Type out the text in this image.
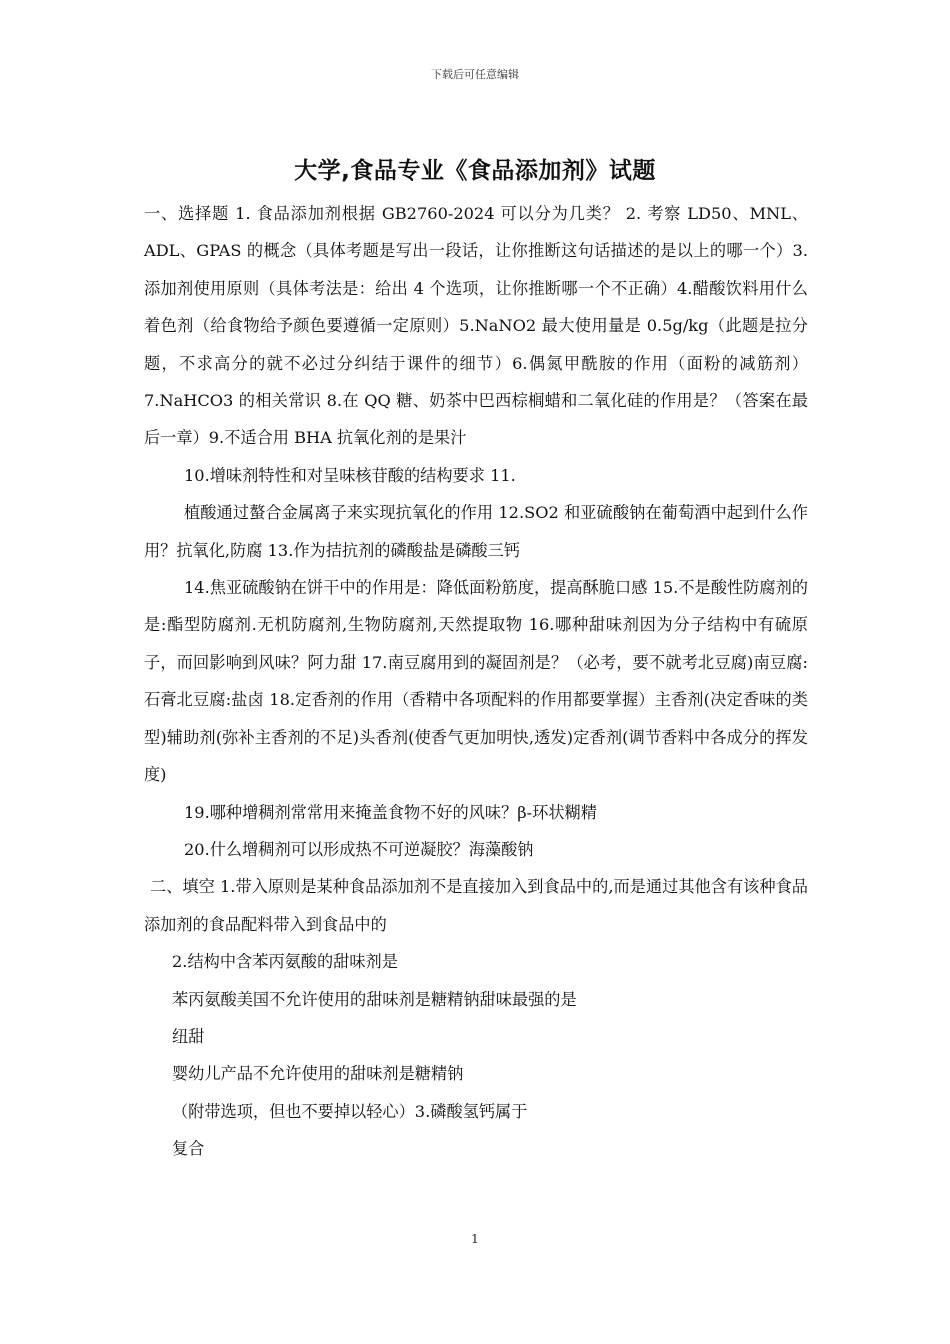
下载后可任意编辑
大学,食品专业《食品添加剂》试题

一、选择题 1. 食品添加剂根据 GB2760-2024 可以分为几类？ 2. 考察 LD50、MNL、ADL、GPAS 的概念（具体考题是写出一段话，让你推断这句话描述的是以上的哪一个）3.添加剂使用原则（具体考法是：给出 4 个选项，让你推断哪一个不正确）4.醋酸饮料用什么着色剂（给食物给予颜色要遵循一定原则）5.NaNO2 最大使用量是 0.5g/kg（此题是拉分题，不求高分的就不必过分纠结于课件的细节）6.偶氮甲酰胺的作用（面粉的减筋剂）7.NaHCO3 的相关常识 8.在 QQ 糖、奶茶中巴西棕榈蜡和二氧化硅的作用是？（答案在最后一章）9.不适合用 BHA 抗氧化剂的是果汁

10.增味剂特性和对呈味核苷酸的结构要求 11.

植酸通过螯合金属离子来实现抗氧化的作用 12.SO2 和亚硫酸钠在葡萄酒中起到什么作用？抗氧化,防腐 13.作为拮抗剂的磷酸盐是磷酸三钙

14.焦亚硫酸钠在饼干中的作用是：降低面粉筋度，提高酥脆口感 15.不是酸性防腐剂的是:酯型防腐剂.无机防腐剂,生物防腐剂,天然提取物 16.哪种甜味剂因为分子结构中有硫原子，而回影响到风味？阿力甜 17.南豆腐用到的凝固剂是？（必考，要不就考北豆腐)南豆腐:石膏北豆腐:盐卤 18.定香剂的作用（香精中各项配料的作用都要掌握）主香剂(决定香味的类型)辅助剂(弥补主香剂的不足)头香剂(使香气更加明快,透发)定香剂(调节香料中各成分的挥发度)

19.哪种增稠剂常常用来掩盖食物不好的风味？β-环状糊精

20.什么增稠剂可以形成热不可逆凝胶？海藻酸钠

二、填空 1.带入原则是某种食品添加剂不是直接加入到食品中的,而是通过其他含有该种食品添加剂的食品配料带入到食品中的

2.结构中含苯丙氨酸的甜味剂是

苯丙氨酸美国不允许使用的甜味剂是糖精钠甜味最强的是

纽甜

婴幼儿产品不允许使用的甜味剂是糖精钠

（附带选项，但也不要掉以轻心）3.磷酸氢钙属于

复合

1
